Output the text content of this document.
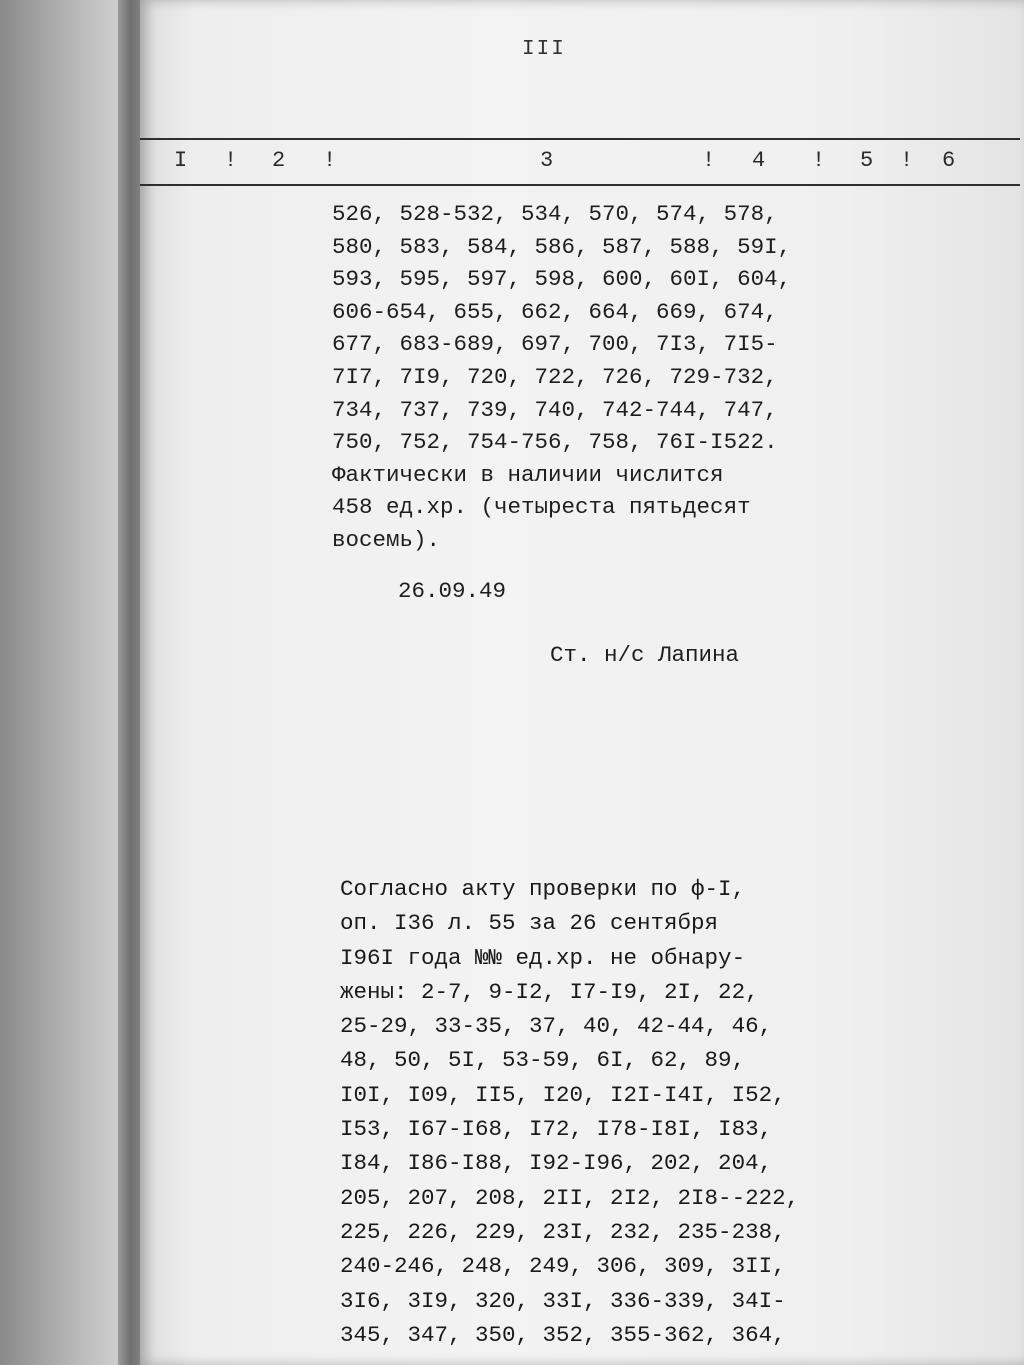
III
I ! 2 !	3	! 4 ! 5 ! 6
526, 528-532, 534, 570, 574, 578,
580, 583, 584, 586, 587, 588, 59I,
593, 595, 597, 598, 600, 60I, 604,
606-654, 655, 662, 664, 669, 674,
677, 683-689, 697, 700, 7I3, 7I5-
7I7, 7I9, 720, 722, 726, 729-732,
734, 737, 739, 740, 742-744, 747,
750, 752, 754-756, 758, 76I-I522.
Фактически в наличии числится
458 ед.хр. (четыреста пятьдесят
восемь).
26.09.49
Ст. н/с Лапина
Согласно акту проверки по ф-I,
оп. I36 л. 55 за 26 сентября
I96I года №№ ед.хр. не обнару-
жены: 2-7, 9-I2, I7-I9, 2I, 22,
25-29, 33-35, 37, 40, 42-44, 46,
48, 50, 5I, 53-59, 6I, 62, 89,
I0I, I09, II5, I20, I2I-I4I, I52,
I53, I67-I68, I72, I78-I8I, I83,
I84, I86-I88, I92-I96, 202, 204,
205, 207, 208, 2II, 2I2, 2I8--222,
225, 226, 229, 23I, 232, 235-238,
240-246, 248, 249, 306, 309, 3II,
3I6, 3I9, 320, 33I, 336-339, 34I-
345, 347, 350, 352, 355-362, 364,
